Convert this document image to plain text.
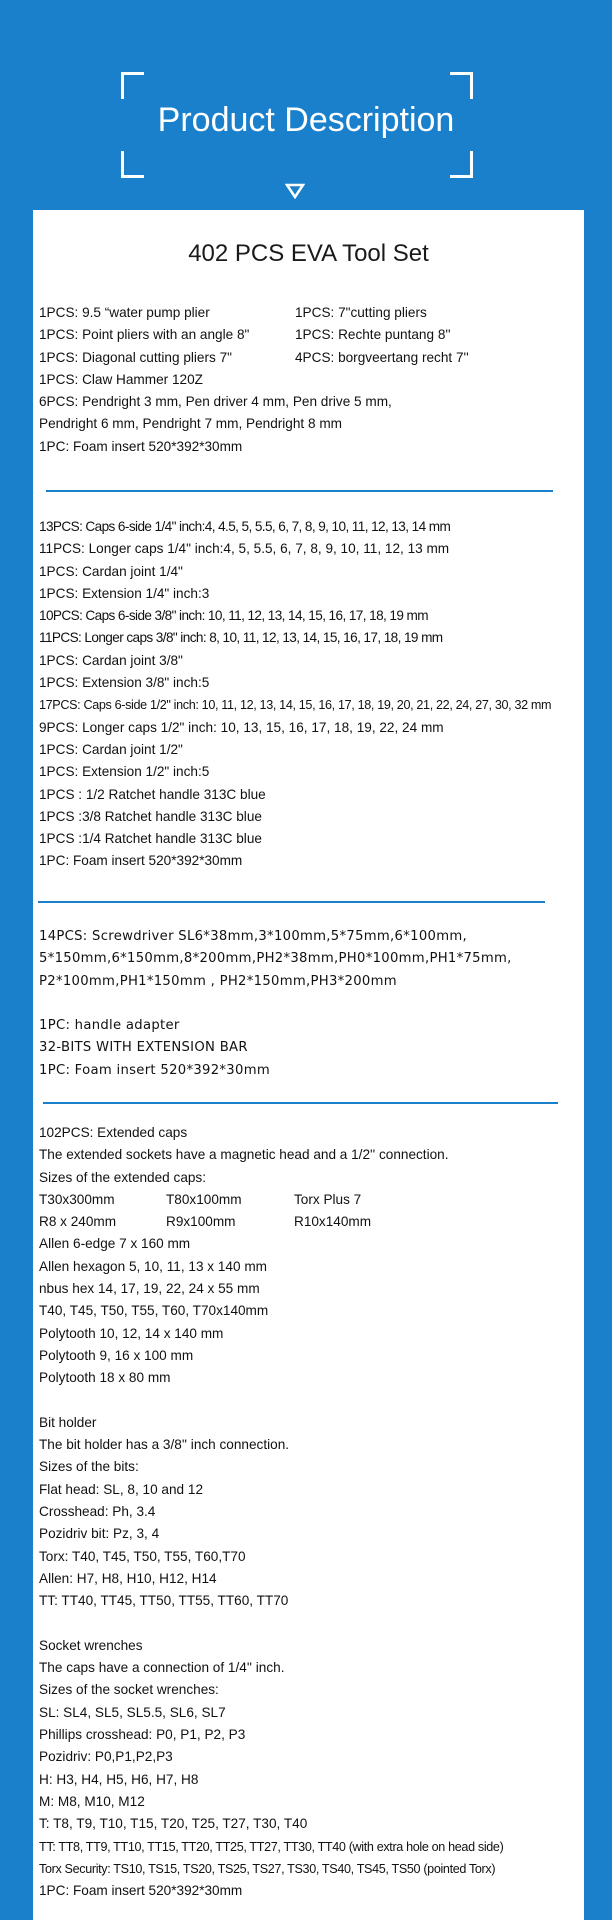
Product Description
402 PCS EVA Tool Set
1PCS: 9.5 “water pump plier	1PCS: 7"cutting pliers
1PCS: Point pliers with an angle 8"	1PCS: Rechte puntang 8''
1PCS: Diagonal cutting pliers 7"	4PCS: borgveertang recht 7''
1PCS: Claw Hammer 120Z
6PCS: Pendright 3 mm, Pen driver 4 mm, Pen drive 5 mm,
Pendright 6 mm, Pendright 7 mm, Pendright 8 mm
1PC: Foam insert 520*392*30mm
13PCS: Caps 6-side 1/4" inch:4, 4.5, 5, 5.5, 6, 7, 8, 9, 10, 11, 12, 13, 14 mm
11PCS: Longer caps 1/4" inch:4, 5, 5.5, 6, 7, 8, 9, 10, 11, 12, 13 mm
1PCS: Cardan joint 1/4"
1PCS: Extension 1/4" inch:3
10PCS: Caps 6-side 3/8" inch: 10, 11, 12, 13, 14, 15, 16, 17, 18, 19 mm
11PCS: Longer caps 3/8" inch: 8, 10, 11, 12, 13, 14, 15, 16, 17, 18, 19 mm
1PCS: Cardan joint 3/8"
1PCS: Extension 3/8" inch:5
17PCS: Caps 6-side 1/2" inch: 10, 11, 12, 13, 14, 15, 16, 17, 18, 19, 20, 21, 22, 24, 27, 30, 32 mm
9PCS: Longer caps 1/2" inch: 10, 13, 15, 16, 17, 18, 19, 22, 24 mm
1PCS: Cardan joint 1/2"
1PCS: Extension 1/2" inch:5
1PCS : 1/2 Ratchet handle 313C blue
1PCS :3/8 Ratchet handle 313C blue
1PCS :1/4 Ratchet handle 313C blue
1PC: Foam insert 520*392*30mm
14PCS: Screwdriver SL6*38mm,3*100mm,5*75mm,6*100mm,
5*150mm,6*150mm,8*200mm,PH2*38mm,PH0*100mm,PH1*75mm,
P2*100mm,PH1*150mm , PH2*150mm,PH3*200mm
1PC: handle adapter
32-BITS WITH EXTENSION BAR
1PC: Foam insert 520*392*30mm
102PCS: Extended caps
The extended sockets have a magnetic head and a 1/2'' connection.
Sizes of the extended caps:
T30x300mm	T80x100mm	Torx Plus 7
R8 x 240mm	R9x100mm	R10x140mm
Allen 6-edge 7 x 160 mm
Allen hexagon 5, 10, 11, 13 x 140 mm
nbus hex 14, 17, 19, 22, 24 x 55 mm
T40, T45, T50, T55, T60, T70x140mm
Polytooth 10, 12, 14 x 140 mm
Polytooth 9, 16 x 100 mm
Polytooth 18 x 80 mm
Bit holder
The bit holder has a 3/8'' inch connection.
Sizes of the bits:
Flat head: SL, 8, 10 and 12
Crosshead: Ph, 3.4
Pozidriv bit: Pz, 3, 4
Torx: T40, T45, T50, T55, T60,T70
Allen: H7, H8, H10, H12, H14
TT: TT40, TT45, TT50, TT55, TT60, TT70
Socket wrenches
The caps have a connection of 1/4'' inch.
Sizes of the socket wrenches:
SL: SL4, SL5, SL5.5, SL6, SL7
Phillips crosshead: P0, P1, P2, P3
Pozidriv: P0,P1,P2,P3
H: H3, H4, H5, H6, H7, H8
M: M8, M10, M12
T: T8, T9, T10, T15, T20, T25, T27, T30, T40
TT: TT8, TT9, TT10, TT15, TT20, TT25, TT27, TT30, TT40 (with extra hole on head side)
Torx Security: TS10, TS15, TS20, TS25, TS27, TS30, TS40, TS45, TS50 (pointed Torx)
1PC: Foam insert 520*392*30mm
